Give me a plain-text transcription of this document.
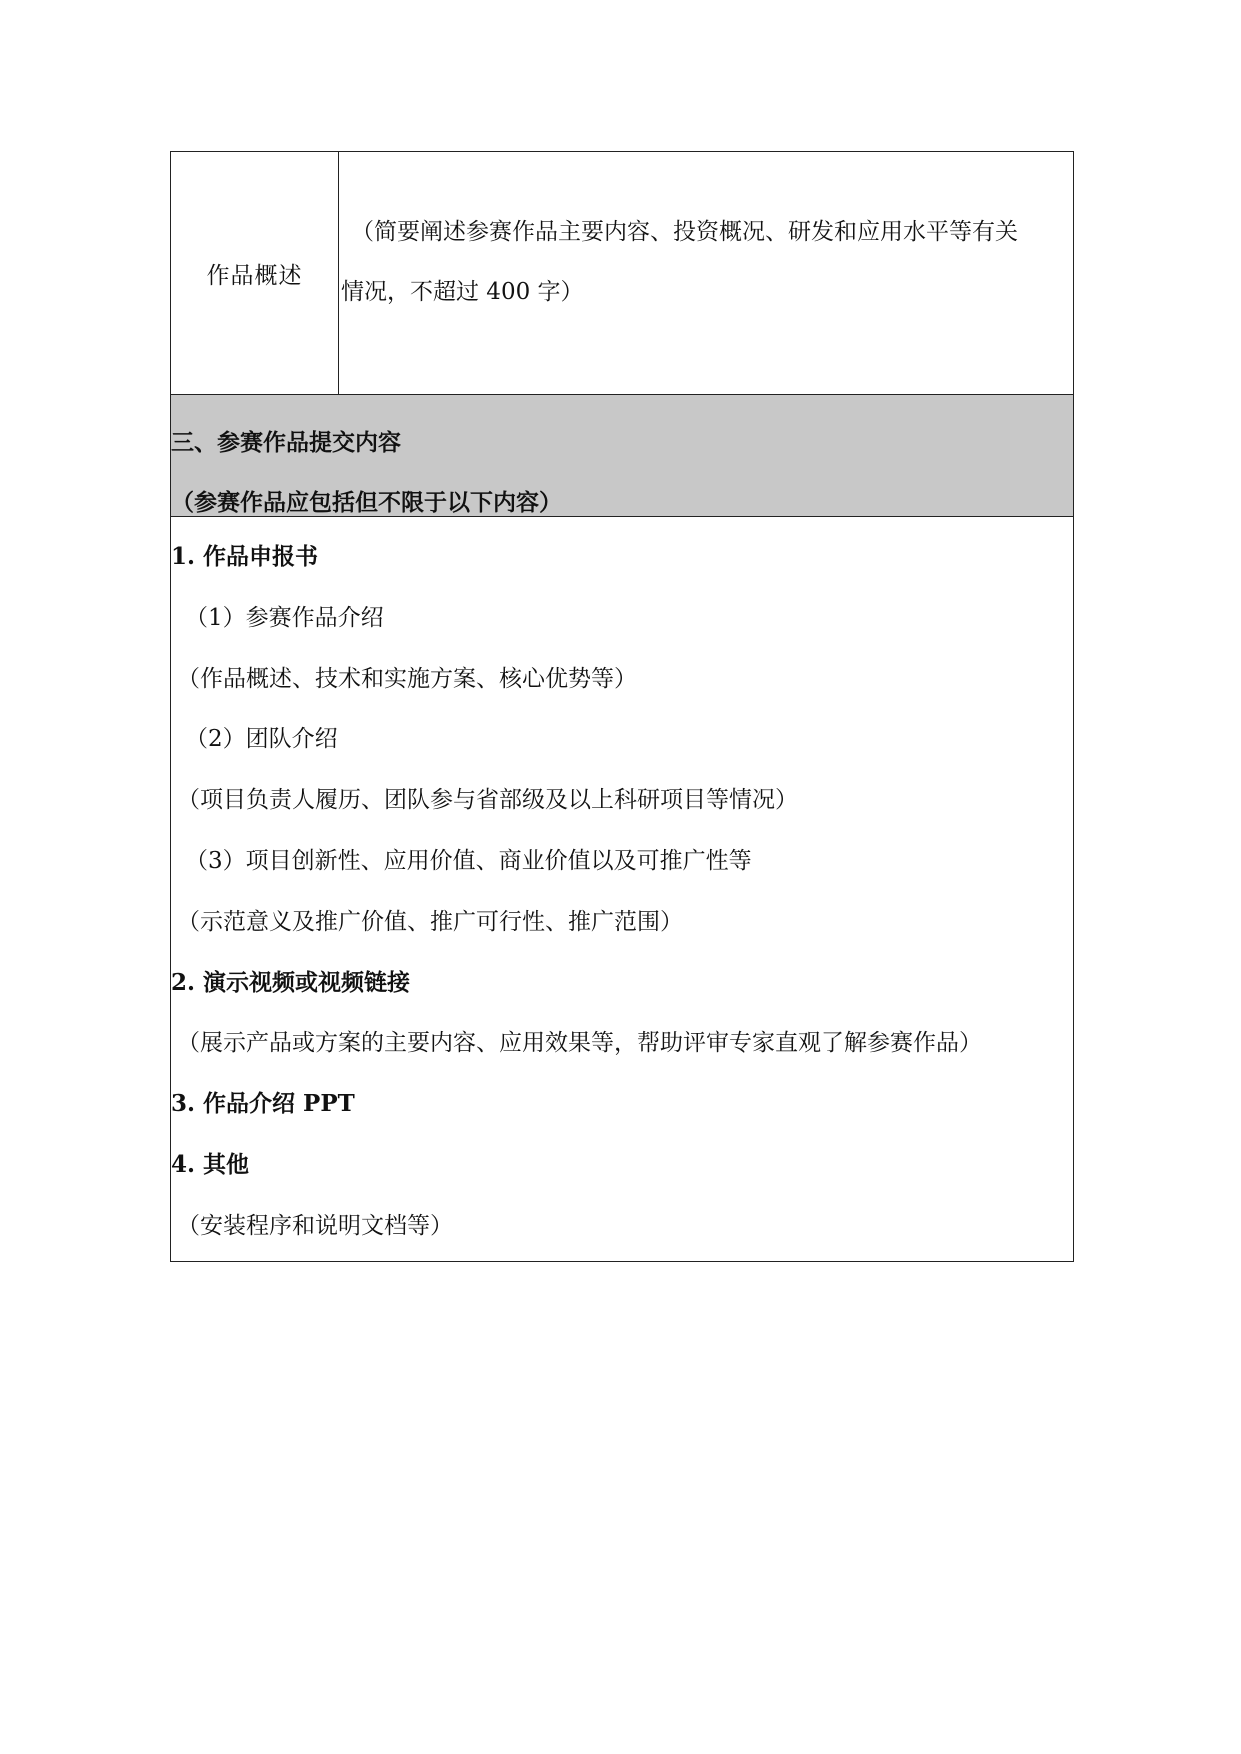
作品概述
（简要阐述参赛作品主要内容、投资概况、研发和应用水平等有关
情况，不超过 400 字）
三、参赛作品提交内容
（参赛作品应包括但不限于以下内容）
1. 作品申报书
（1）参赛作品介绍
（作品概述、技术和实施方案、核心优势等）
（2）团队介绍
（项目负责人履历、团队参与省部级及以上科研项目等情况）
（3）项目创新性、应用价值、商业价值以及可推广性等
（示范意义及推广价值、推广可行性、推广范围）
2. 演示视频或视频链接
（展示产品或方案的主要内容、应用效果等，帮助评审专家直观了解参赛作品）
3. 作品介绍 PPT
4. 其他
（安装程序和说明文档等）
